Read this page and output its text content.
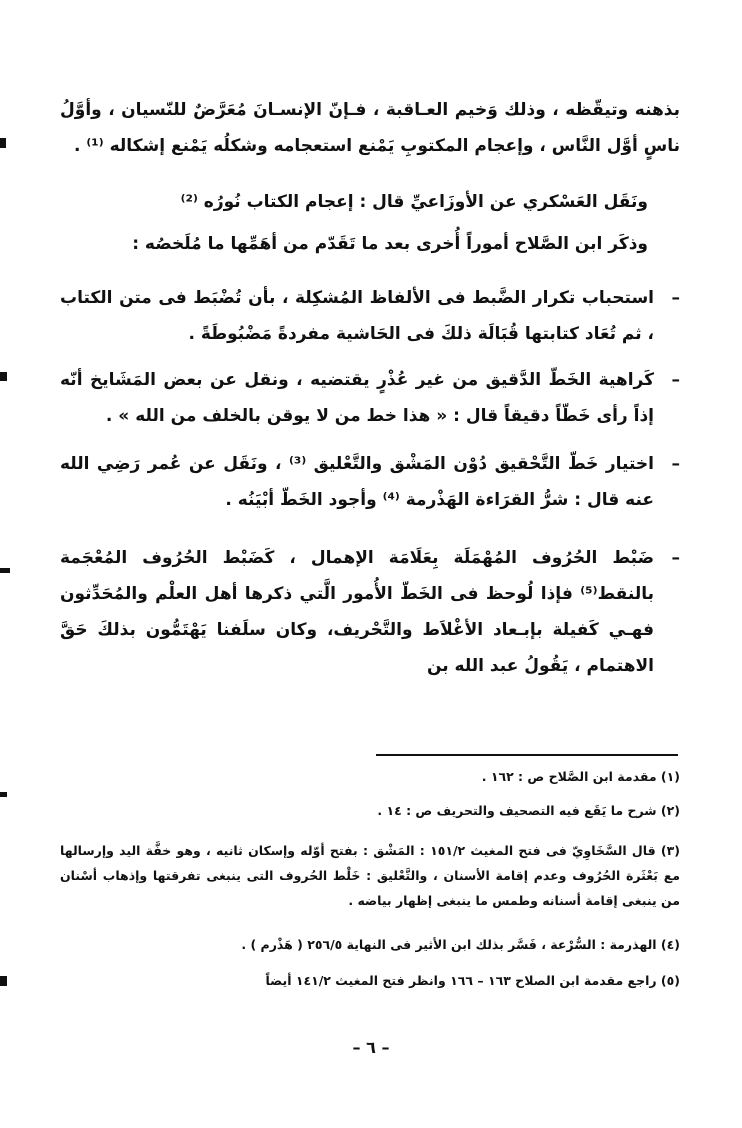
بذهنه وتيقّظه ، وذلك وَخيم العـاقبة ، فـإنّ الإنسـانَ مُعَرَّضٌ للنّسيان ، وأوَّلُ ناسٍ أوَّل النَّاس ، وإعجام المكتوبِ يَمْنع استعجامه وشكلُه يَمْنع إشكاله ⁽¹⁾ .
ونَقَل العَسْكري عن الأوزَاعيِّ قال : إعجام الكتاب نُورُه ⁽²⁾
وذكَر ابن الصَّلاح أموراً أُخرى بعد ما تَقَدّم من أهَمِّها ما مُلَخصُه :
–
استحباب تكرار الضَّبط فى الألفاظ المُشكِلة ، بأن تُضْبَط فى متن الكتاب ، ثم تُعَاد كتابتها قُبَالَة ذلكَ فى الحَاشية مفردةً مَضْبُوطَةً .
–
كَراهية الخَطّ الدَّقيق من غير عُذْرٍ يقتضيه ، ونقل عن بعض المَشَايخ أنّه إذاً رأى خَطّاً دقيقاً قال : « هذا خط من لا يوقن بالخلف من الله » .
–
اختيار خَطّ التَّحْقيق دُوْن المَشْق والتَّعْليق ⁽³⁾ ، ونَقَل عن عُمر رَضِي الله عنه قال : شرُّ القرَاءة الهَذْرمة ⁽⁴⁾ وأجود الخَطّ أبْيَنُه .
–
ضَبْط الحُرُوف المُهْمَلَة بِعَلَامَة الإهمال ، كَضَبْط الحُرُوف المُعْجَمة بالنقط⁽⁵⁾ فإذا لُوحظ فى الخَطّ الأُمور الَّتي ذكرها أهل العلْم والمُحَدِّثون فهـي كَفيلة بإبـعاد الأغْلاَط والتَّحْريف، وكان سلَفنا يَهْتَمُّون بذلكَ حَقَّ الاهتمام ، يَقُولُ عبد الله بن
(١) مقدمة ابن الصَّلاح ص : ١٦٢ .
(٢) شرح ما يَقَع فيه التصحيف والتحريف ص : ١٤ .
(٣) قال السَّخَاوِيّ فى فتح المغيث ١٥١/٢ : المَشْق : بفتح أوّله وإسكان ثانيه ، وهو خفَّة اليد وإرسالها مع بَعْثَرة الحُرُوف وعدم إقامة الأسنان ، والتَّعْليق : خَلْط الحُروف التى ينبغى تفرقتها وإذهاب أسْنان من ينبغى إقامة أسنانه وطمس ما ينبغى إظهار بياضه .
(٤) الهذرمة : السُّرْعة ، فَسَّر بذلك ابن الأثير فى النهاية ٢٥٦/٥ ( هَذْرم ) .
(٥) راجع مقدمة ابن الصلاح ١٦٣ – ١٦٦ وانظر فتح المغيث ١٤١/٢ أيضاً
– ٦ –
